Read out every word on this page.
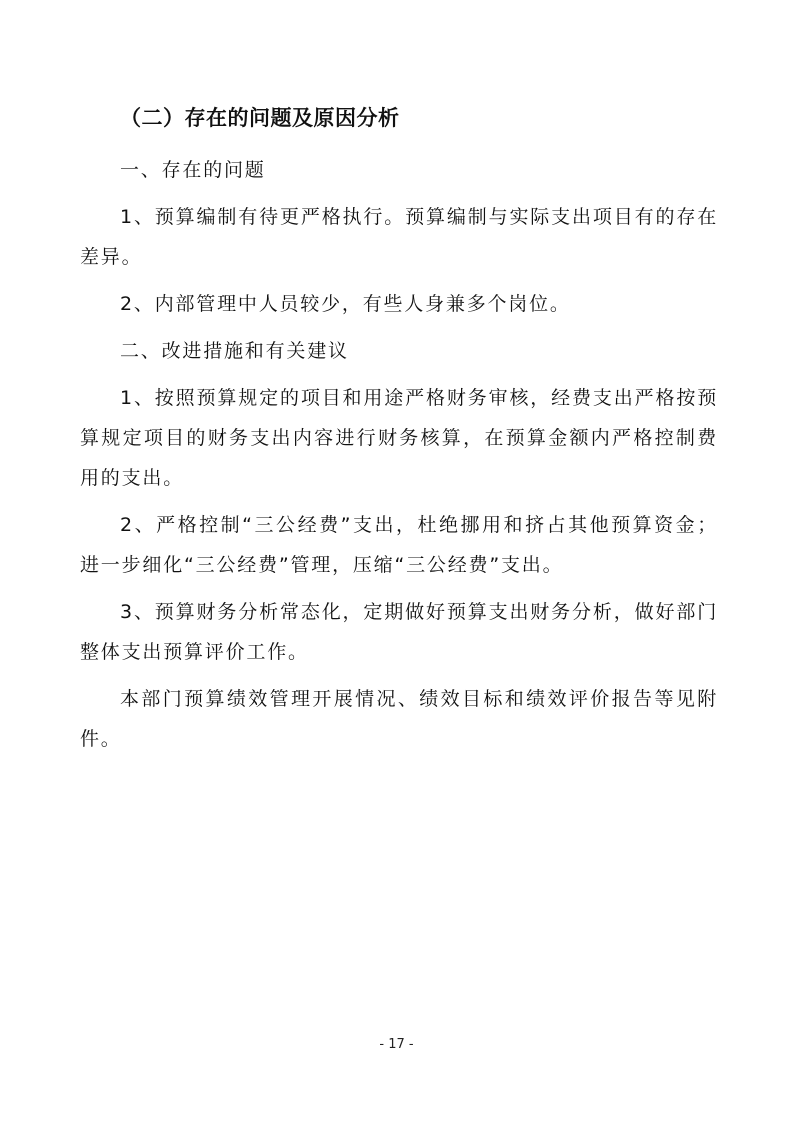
（二）存在的问题及原因分析

一、存在的问题

1、预算编制有待更严格执行。预算编制与实际支出项目有的存在差异。

2、内部管理中人员较少，有些人身兼多个岗位。

二、改进措施和有关建议

1、按照预算规定的项目和用途严格财务审核，经费支出严格按预算规定项目的财务支出内容进行财务核算，在预算金额内严格控制费用的支出。

2、严格控制“三公经费”支出，杜绝挪用和挤占其他预算资金；进一步细化“三公经费”管理，压缩“三公经费”支出。

3、预算财务分析常态化，定期做好预算支出财务分析，做好部门整体支出预算评价工作。

本部门预算绩效管理开展情况、绩效目标和绩效评价报告等见附件。

- 17 -
